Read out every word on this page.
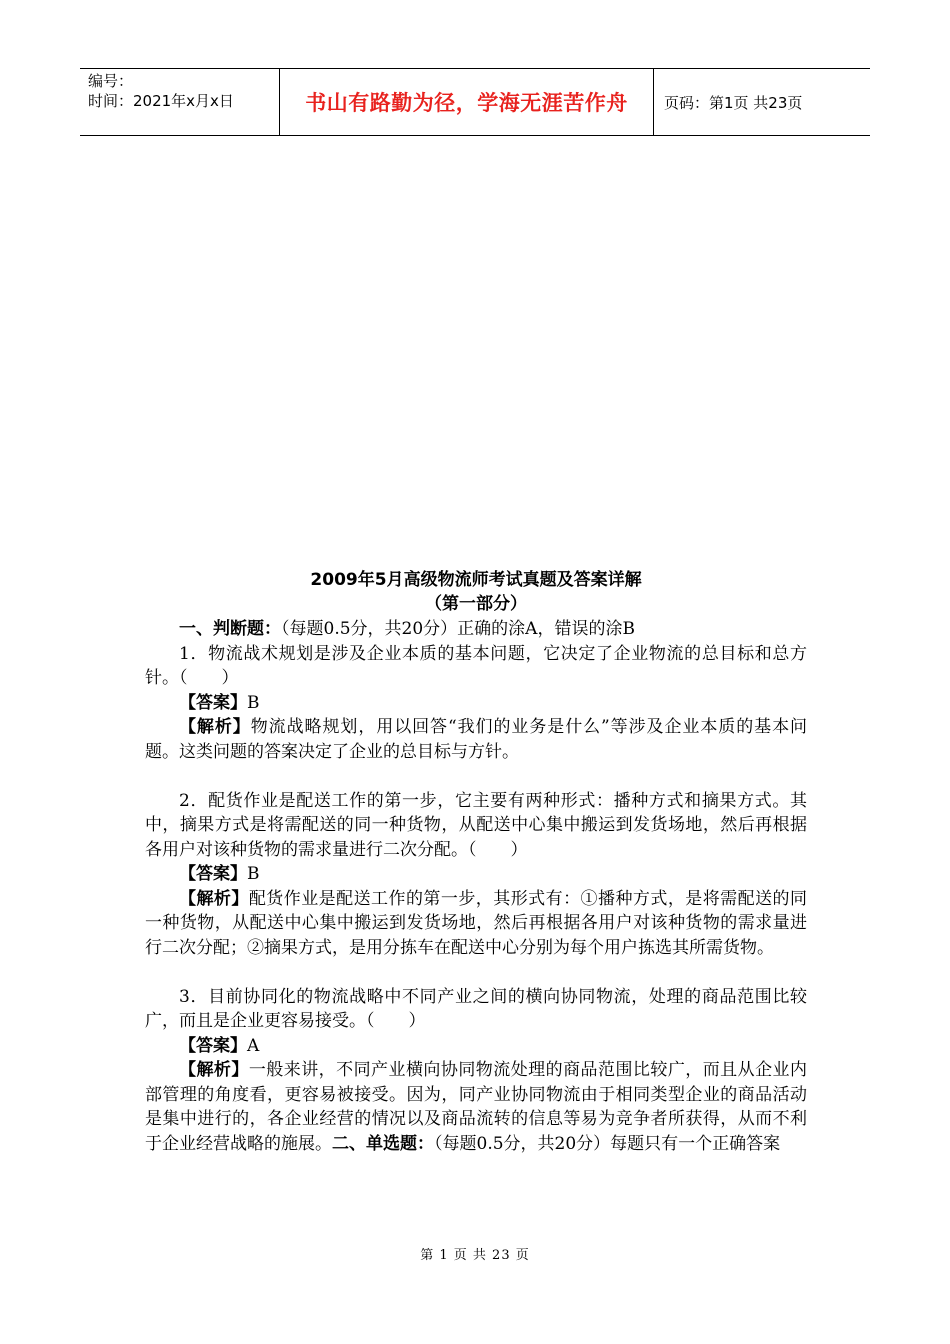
编号：
时间：2021年x月x日	书山有路勤为径，学海无涯苦作舟 页码：第1页 共23页
2009年5月高级物流师考试真题及答案详解
（第一部分）

一、判断题：（每题0.5分，共20分）正确的涂A，错误的涂B

1．物流战术规划是涉及企业本质的基本问题，它决定了企业物流的总目标和总方针。（　　）

【答案】B

【解析】物流战略规划，用以回答“我们的业务是什么”等涉及企业本质的基本问题。这类问题的答案决定了企业的总目标与方针。

2．配货作业是配送工作的第一步，它主要有两种形式：播种方式和摘果方式。其中，摘果方式是将需配送的同一种货物，从配送中心集中搬运到发货场地，然后再根据各用户对该种货物的需求量进行二次分配。（　　）

【答案】B

【解析】配货作业是配送工作的第一步，其形式有：①播种方式，是将需配送的同一种货物，从配送中心集中搬运到发货场地，然后再根据各用户对该种货物的需求量进行二次分配；②摘果方式，是用分拣车在配送中心分别为每个用户拣选其所需货物。

3．目前协同化的物流战略中不同产业之间的横向协同物流，处理的商品范围比较广，而且是企业更容易接受。（　　）

【答案】A

【解析】一般来讲，不同产业横向协同物流处理的商品范围比较广，而且从企业内部管理的角度看，更容易被接受。因为，同产业协同物流由于相同类型企业的商品活动是集中进行的，各企业经营的情况以及商品流转的信息等易为竞争者所获得，从而不利于企业经营战略的施展。二、单选题：（每题0.5分，共20分）每题只有一个正确答案

第 1 页 共 23 页
